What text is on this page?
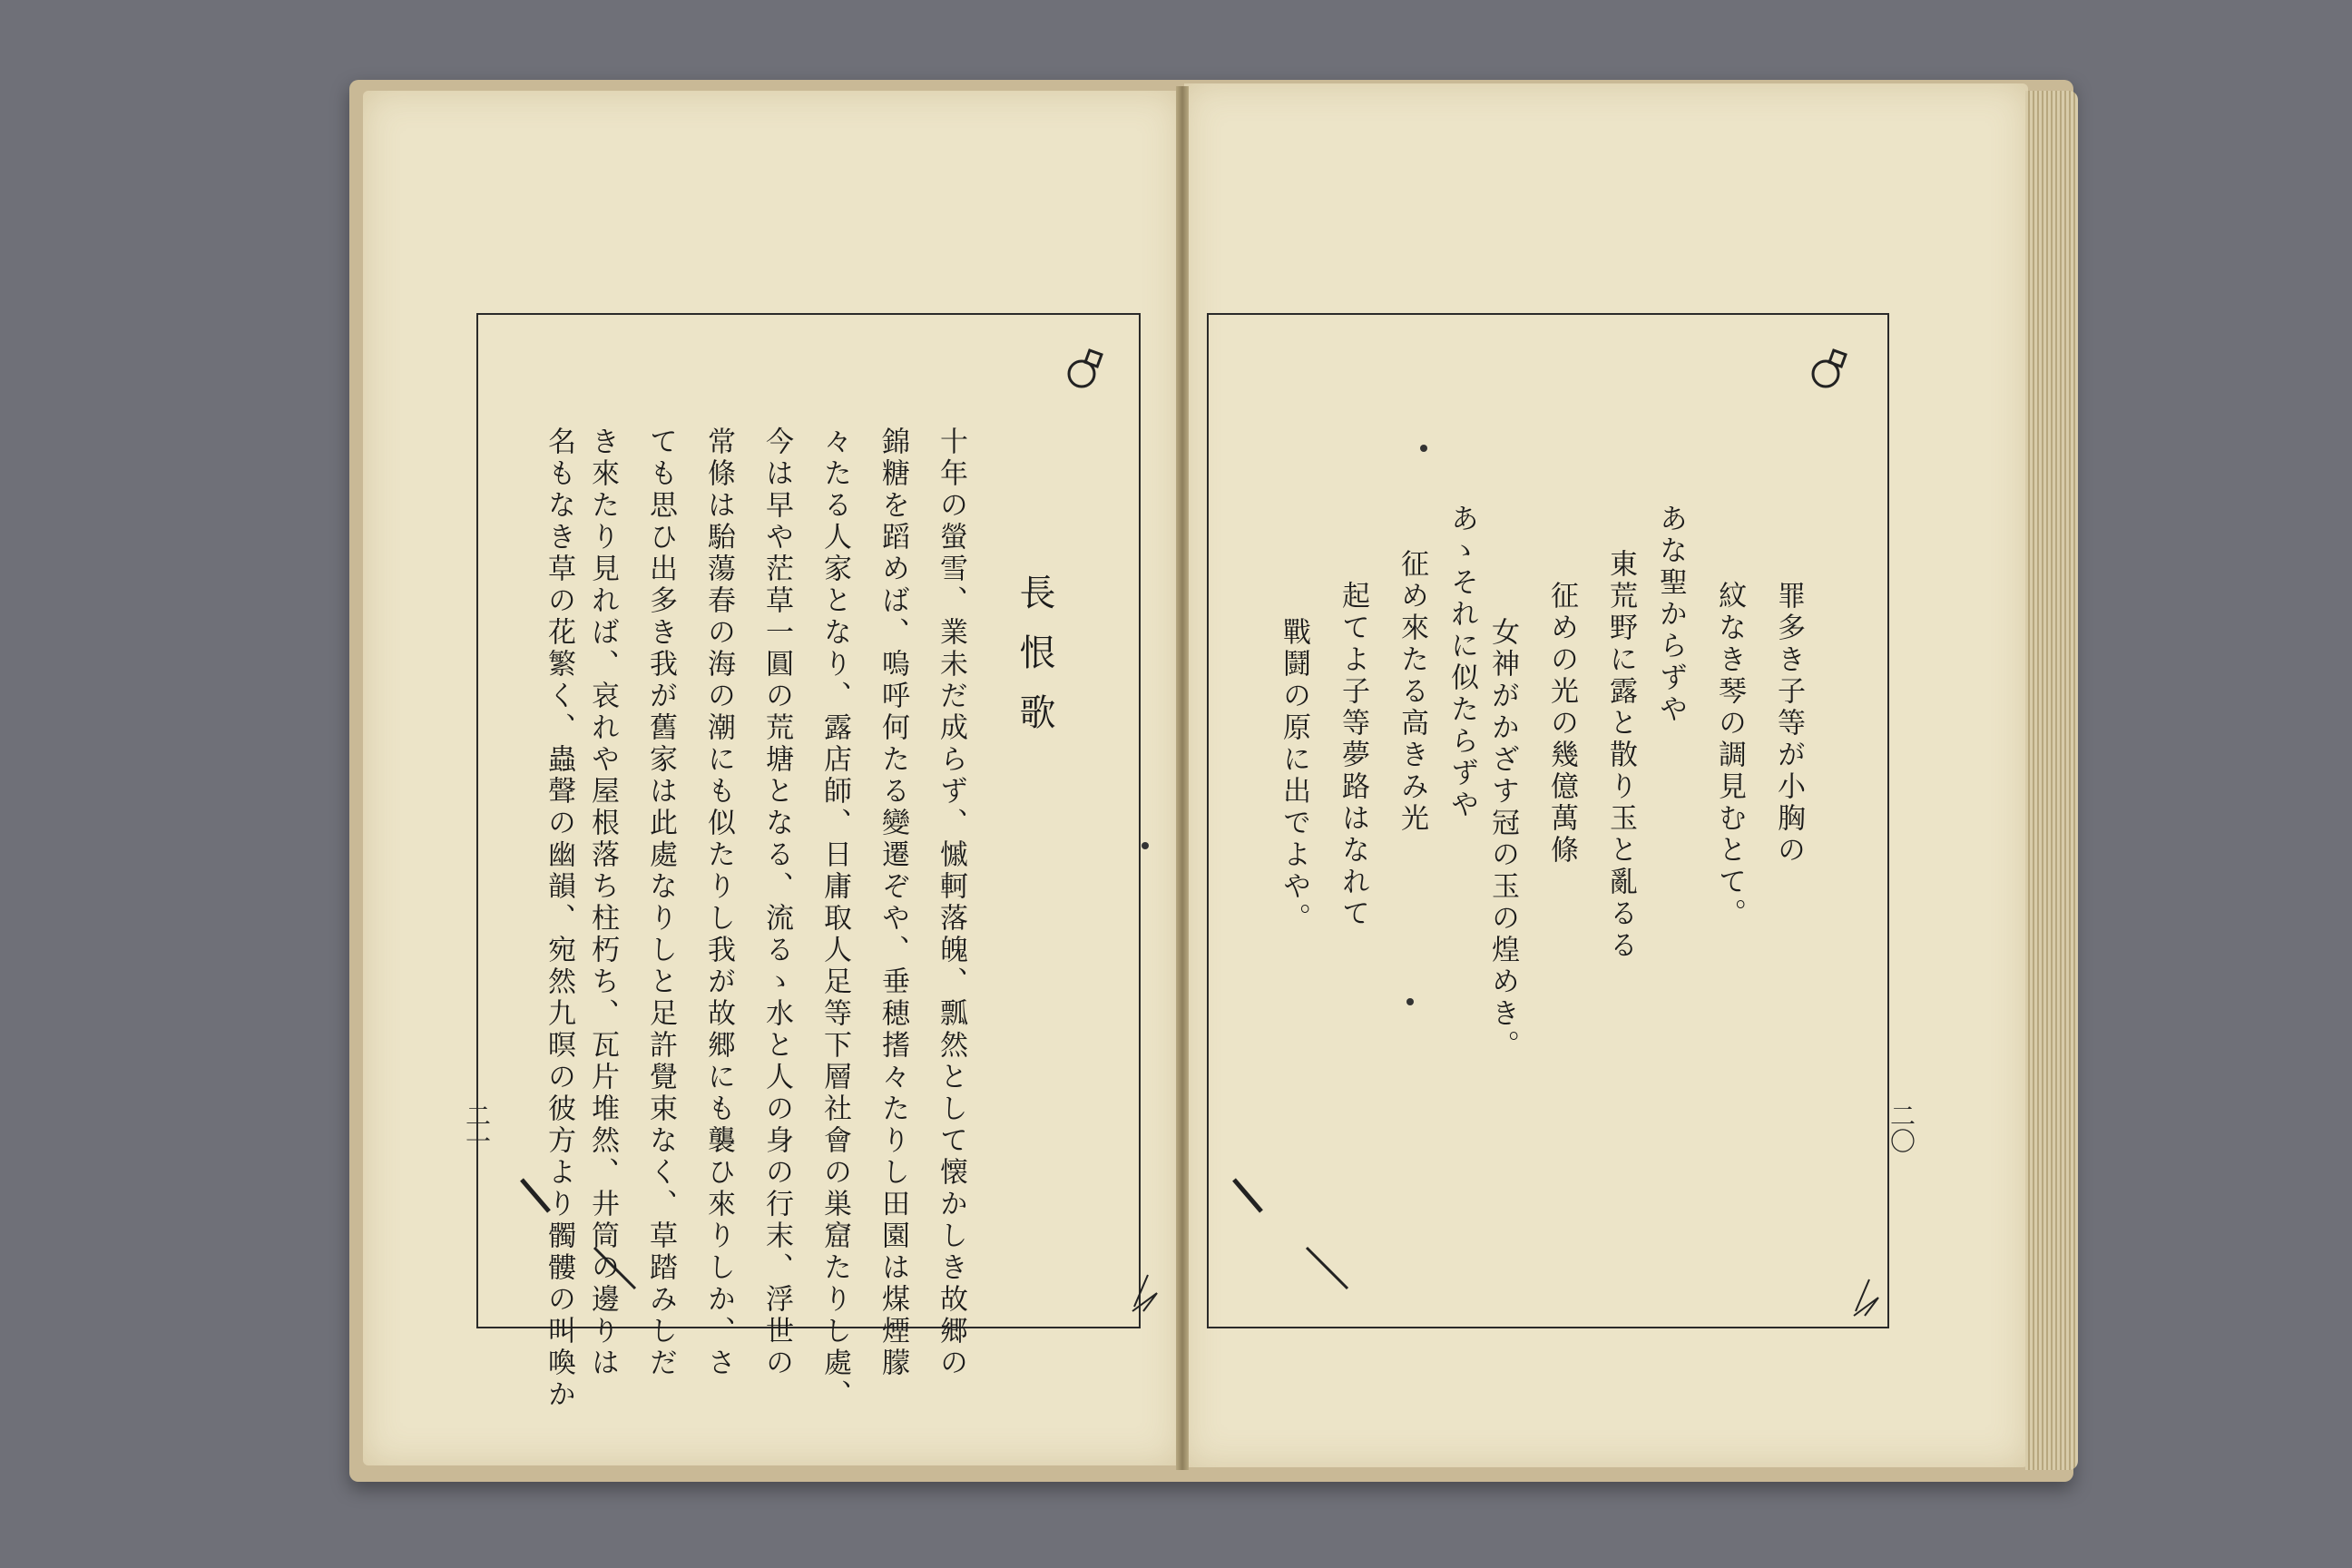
長恨歌
十年の螢雪、業未だ成らず、慽軻落魄、瓢然として懐かしき故郷の
錦糖を蹈めば、嗚呼何たる變遷ぞや、垂穂搘々たりし田園は煤煙朦
々たる人家となり、露店師、日庸取人足等下層社會の巣窟たりし處、
今は早や茫草一圓の荒塘となる、流るゝ水と人の身の行末、浮世の
常條は駘蕩春の海の潮にも似たりし我が故郷にも襲ひ來りしか、さ
ても思ひ出多き我が舊家は此處なりしと足許覺束なく、草踏みしだ
き來たり見れば、哀れや屋根落ち柱朽ち、瓦片堆然、井筒の邊りは
名もなき草の花繁く、蟲聲の幽韻、宛然九暝の彼方より髑髏の叫喚か
二一
罪多き子等が小胸の
紋なき琴の調見むとて。
あな聖からずや
東荒野に露と散り玉と亂るる
征めの光の幾億萬條
女神がかざす冠の玉の煌めき。
あゝそれに似たらずや
征め來たる高きみ光
起てよ子等夢路はなれて
戰鬪の原に出でよや。
二〇
